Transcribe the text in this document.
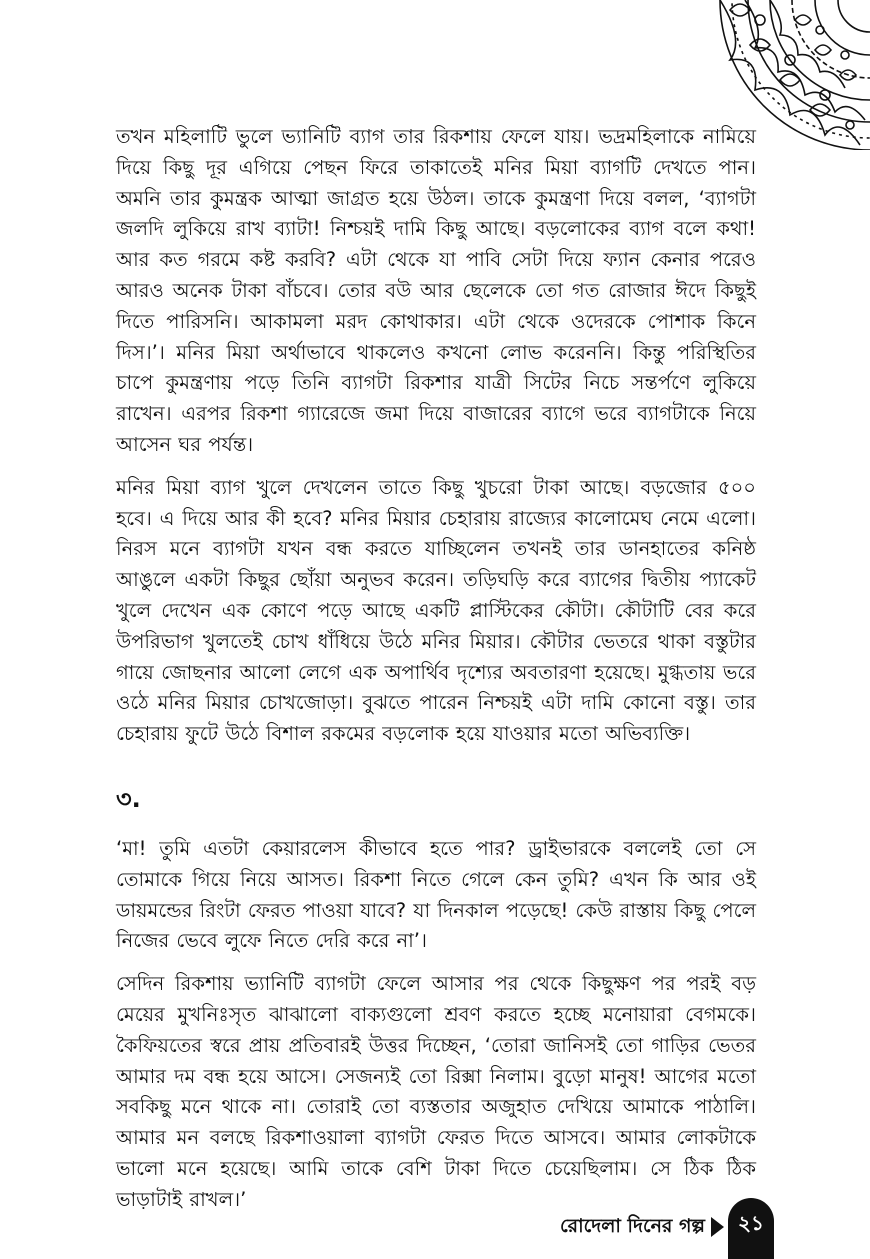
তখন মহিলাটি ভুলে ভ্যানিটি ব্যাগ তার রিকশায় ফেলে যায়। ভদ্রমহিলাকে নামিয়ে দিয়ে কিছু দূর এগিয়ে পেছন ফিরে তাকাতেই মনির মিয়া ব্যাগটি দেখতে পান। অমনি তার কুমন্ত্রক আত্মা জাগ্রত হয়ে উঠল। তাকে কুমন্ত্রণা দিয়ে বলল, ‘ব্যাগটা জলদি লুকিয়ে রাখ ব্যাটা! নিশ্চয়ই দামি কিছু আছে। বড়লোকের ব্যাগ বলে কথা! আর কত গরমে কষ্ট করবি? এটা থেকে যা পাবি সেটা দিয়ে ফ্যান কেনার পরেও আরও অনেক টাকা বাঁচবে। তোর বউ আর ছেলেকে তো গত রোজার ঈদে কিছুই দিতে পারিসনি। আকামলা মরদ কোথাকার। এটা থেকে ওদেরকে পোশাক কিনে দিস।’। মনির মিয়া অর্থাভাবে থাকলেও কখনো লোভ করেননি। কিন্তু পরিস্থিতির চাপে কুমন্ত্রণায় পড়ে তিনি ব্যাগটা রিকশার যাত্রী সিটের নিচে সন্তর্পণে লুকিয়ে রাখেন। এরপর রিকশা গ্যারেজে জমা দিয়ে বাজারের ব্যাগে ভরে ব্যাগটাকে নিয়ে আসেন ঘর পর্যন্ত।

মনির মিয়া ব্যাগ খুলে দেখলেন তাতে কিছু খুচরো টাকা আছে। বড়জোর ৫০০ হবে। এ দিয়ে আর কী হবে? মনির মিয়ার চেহারায় রাজ্যের কালোমেঘ নেমে এলো। নিরস মনে ব্যাগটা যখন বন্ধ করতে যাচ্ছিলেন তখনই তার ডানহাতের কনিষ্ঠ আঙুলে একটা কিছুর ছোঁয়া অনুভব করেন। তড়িঘড়ি করে ব্যাগের দ্বিতীয় প্যাকেট খুলে দেখেন এক কোণে পড়ে আছে একটি প্লাস্টিকের কৌটা। কৌটাটি বের করে উপরিভাগ খুলতেই চোখ ধাঁধিয়ে উঠে মনির মিয়ার। কৌটার ভেতরে থাকা বস্তুটার গায়ে জোছনার আলো লেগে এক অপার্থিব দৃশ্যের অবতারণা হয়েছে। মুগ্ধতায় ভরে ওঠে মনির মিয়ার চোখজোড়া। বুঝতে পারেন নিশ্চয়ই এটা দামি কোনো বস্তু। তার চেহারায় ফুটে উঠে বিশাল রকমের বড়লোক হয়ে যাওয়ার মতো অভিব্যক্তি।

৩.

‘মা! তুমি এতটা কেয়ারলেস কীভাবে হতে পার? ড্রাইভারকে বললেই তো সে তোমাকে গিয়ে নিয়ে আসত। রিকশা নিতে গেলে কেন তুমি? এখন কি আর ওই ডায়মন্ডের রিংটা ফেরত পাওয়া যাবে? যা দিনকাল পড়েছে! কেউ রাস্তায় কিছু পেলে নিজের ভেবে লুফে নিতে দেরি করে না’।

সেদিন রিকশায় ভ্যানিটি ব্যাগটা ফেলে আসার পর থেকে কিছুক্ষণ পর পরই বড় মেয়ের মুখনিঃসৃত ঝাঝালো বাক্যগুলো শ্রবণ করতে হচ্ছে মনোয়ারা বেগমকে। কৈফিয়তের স্বরে প্রায় প্রতিবারই উত্তর দিচ্ছেন, ‘তোরা জানিসই তো গাড়ির ভেতর আমার দম বন্ধ হয়ে আসে। সেজন্যই তো রিক্সা নিলাম। বুড়ো মানুষ! আগের মতো সবকিছু মনে থাকে না। তোরাই তো ব্যস্ততার অজুহাত দেখিয়ে আমাকে পাঠালি। আমার মন বলছে রিকশাওয়ালা ব্যাগটা ফেরত দিতে আসবে। আমার লোকটাকে ভালো মনে হয়েছে। আমি তাকে বেশি টাকা দিতে চেয়েছিলাম। সে ঠিক ঠিক ভাড়াটাই রাখল।’

রোদেলা দিনের গল্প	২১
